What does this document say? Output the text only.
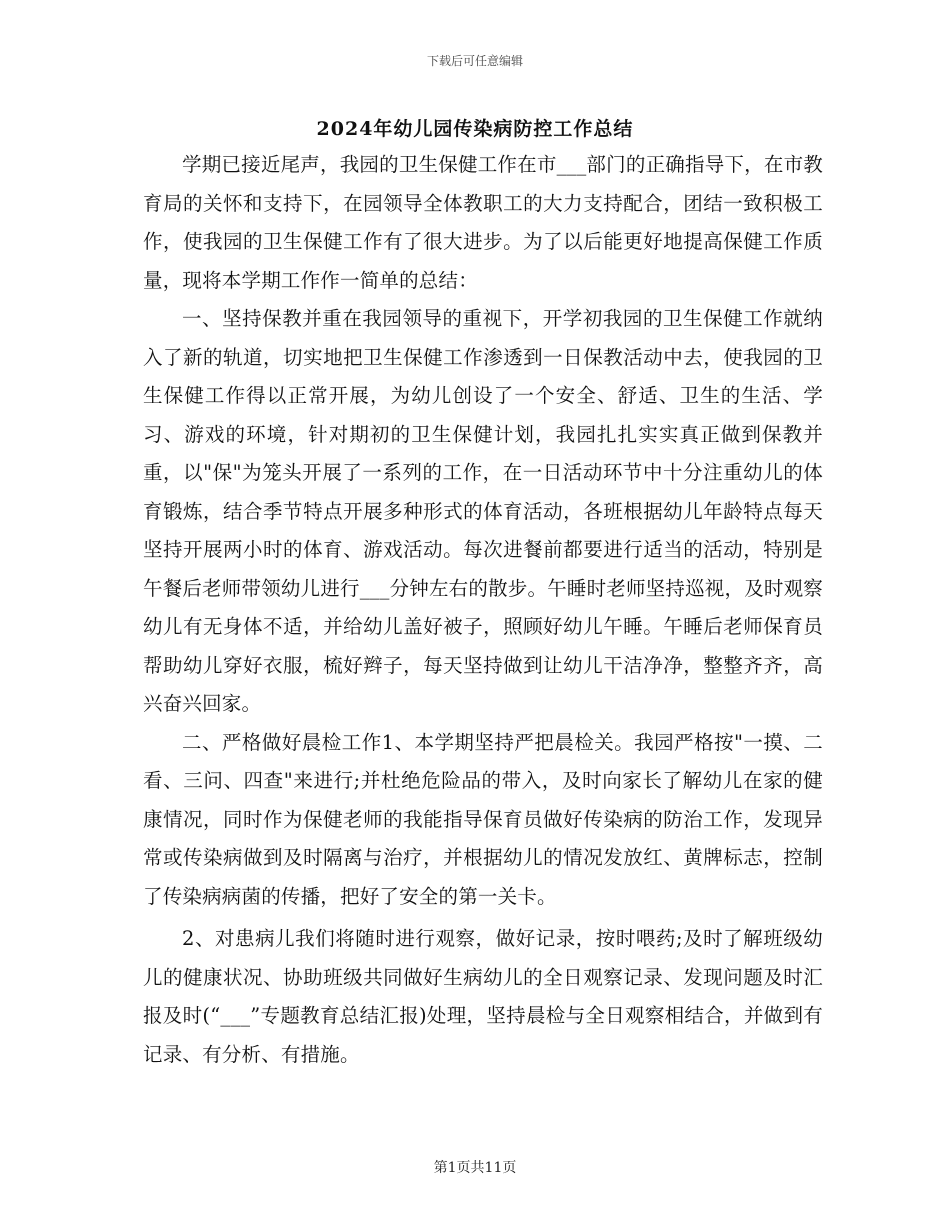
下载后可任意编辑
2024年幼儿园传染病防控工作总结

学期已接近尾声，我园的卫生保健工作在市___部门的正确指导下，在市教育局的关怀和支持下，在园领导全体教职工的大力支持配合，团结一致积极工作，使我园的卫生保健工作有了很大进步。为了以后能更好地提高保健工作质量，现将本学期工作作一简单的总结：

一、坚持保教并重在我园领导的重视下，开学初我园的卫生保健工作就纳入了新的轨道，切实地把卫生保健工作渗透到一日保教活动中去，使我园的卫生保健工作得以正常开展，为幼儿创设了一个安全、舒适、卫生的生活、学习、游戏的环境，针对期初的卫生保健计划，我园扎扎实实真正做到保教并重，以"保"为笼头开展了一系列的工作，在一日活动环节中十分注重幼儿的体育锻炼，结合季节特点开展多种形式的体育活动，各班根据幼儿年龄特点每天坚持开展两小时的体育、游戏活动。每次进餐前都要进行适当的活动，特别是午餐后老师带领幼儿进行___分钟左右的散步。午睡时老师坚持巡视，及时观察幼儿有无身体不适，并给幼儿盖好被子，照顾好幼儿午睡。午睡后老师保育员帮助幼儿穿好衣服，梳好辫子，每天坚持做到让幼儿干洁净净，整整齐齐，高兴奋兴回家。

二、严格做好晨检工作1、本学期坚持严把晨检关。我园严格按"一摸、二看、三问、四查"来进行;并杜绝危险品的带入，及时向家长了解幼儿在家的健康情况，同时作为保健老师的我能指导保育员做好传染病的防治工作，发现异常或传染病做到及时隔离与治疗，并根据幼儿的情况发放红、黄牌标志，控制了传染病病菌的传播，把好了安全的第一关卡。

2、对患病儿我们将随时进行观察，做好记录，按时喂药;及时了解班级幼儿的健康状况、协助班级共同做好生病幼儿的全日观察记录、发现问题及时汇报及时(“___”专题教育总结汇报)处理，坚持晨检与全日观察相结合，并做到有记录、有分析、有措施。

第1页共11页
